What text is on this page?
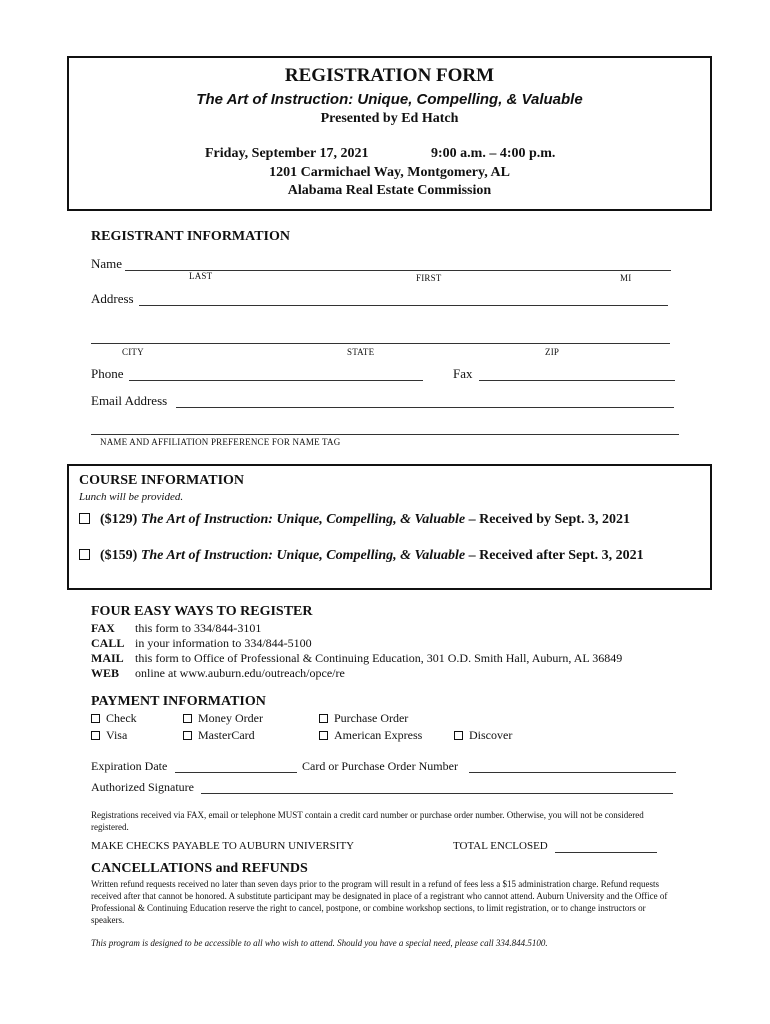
REGISTRATION FORM
The Art of Instruction: Unique, Compelling, & Valuable
Presented by Ed Hatch
Friday, September 17, 2021	9:00 a.m. – 4:00 p.m.
1201 Carmichael Way, Montgomery, AL
Alabama Real Estate Commission
REGISTRANT INFORMATION
Name
LAST	FIRST	MI
Address
CITY	STATE	ZIP
Phone	Fax
Email Address
NAME AND AFFILIATION PREFERENCE FOR NAME TAG
COURSE INFORMATION
Lunch will be provided.
($129) The Art of Instruction: Unique, Compelling, & Valuable – Received by Sept. 3, 2021
($159) The Art of Instruction: Unique, Compelling, & Valuable – Received after Sept. 3, 2021
FOUR EASY WAYS TO REGISTER
FAX this form to 334/844-3101
CALL in your information to 334/844-5100
MAIL this form to Office of Professional & Continuing Education, 301 O.D. Smith Hall, Auburn, AL 36849
WEB online at www.auburn.edu/outreach/opce/re
PAYMENT INFORMATION
Check	Money Order	Purchase Order
Visa	MasterCard	American Express	Discover
Expiration Date	Card or Purchase Order Number
Authorized Signature
Registrations received via FAX, email or telephone MUST contain a credit card number or purchase order number. Otherwise, you will not be considered registered.
MAKE CHECKS PAYABLE TO AUBURN UNIVERSITY	TOTAL ENCLOSED
CANCELLATIONS and REFUNDS
Written refund requests received no later than seven days prior to the program will result in a refund of fees less a $15 administration charge. Refund requests received after that cannot be honored. A substitute participant may be designated in place of a registrant who cannot attend. Auburn University and the Office of Professional & Continuing Education reserve the right to cancel, postpone, or combine workshop sections, to limit registration, or to change instructors or speakers.
This program is designed to be accessible to all who wish to attend. Should you have a special need, please call 334.844.5100.
